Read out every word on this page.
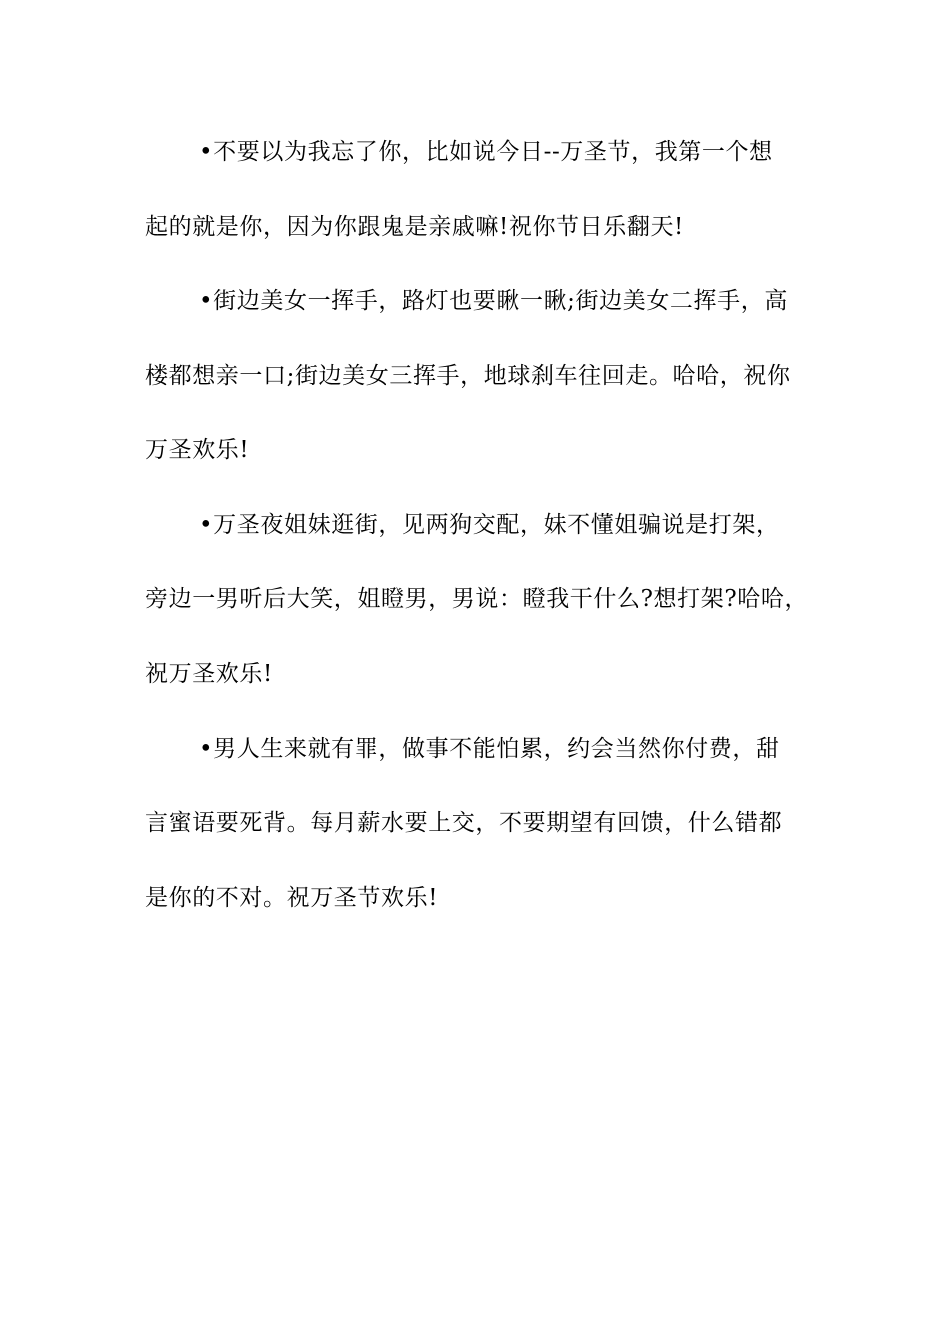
•不要以为我忘了你，比如说今日--万圣节，我第一个想
起的就是你，因为你跟鬼是亲戚嘛!祝你节日乐翻天!
•街边美女一挥手，路灯也要瞅一瞅;街边美女二挥手，高
楼都想亲一口;街边美女三挥手，地球刹车往回走。哈哈，祝你
万圣欢乐!
•万圣夜姐妹逛街，见两狗交配，妹不懂姐骗说是打架，
旁边一男听后大笑，姐瞪男，男说：瞪我干什么?想打架?哈哈，
祝万圣欢乐!
•男人生来就有罪，做事不能怕累，约会当然你付费，甜
言蜜语要死背。每月薪水要上交，不要期望有回馈，什么错都
是你的不对。祝万圣节欢乐!
